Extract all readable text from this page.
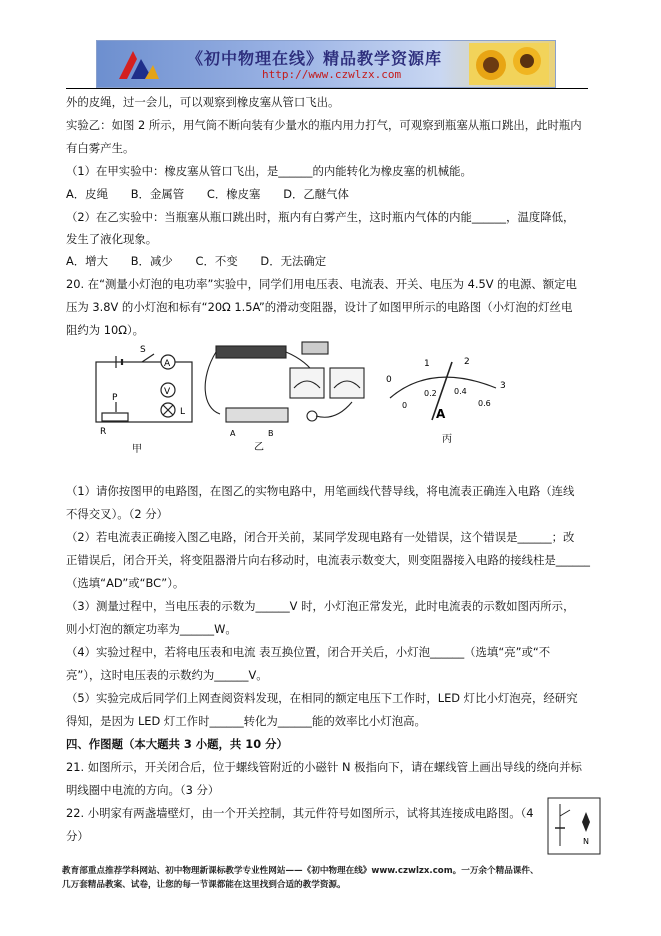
《初中物理在线》精品教学资源库
http://www.czwlzx.com
外的皮绳，过一会儿，可以观察到橡皮塞从管口飞出。
实验乙：如图 2 所示，用气筒不断向装有少量水的瓶内用力打气，可观察到瓶塞从瓶口跳出，此时瓶内
有白雾产生。
（1）在甲实验中：橡皮塞从管口飞出，是______的内能转化为橡皮塞的机械能。
A．皮绳　　B．金属管　　C．橡皮塞　　D．乙醚气体
（2）在乙实验中：当瓶塞从瓶口跳出时，瓶内有白雾产生，这时瓶内气体的内能______，温度降低，
发生了液化现象。
A．增大　　B．减少　　C．不变　　D．无法确定
20. 在“测量小灯泡的电功率”实验中，同学们用电压表、电流表、开关、电压为 4.5V 的电源、额定电
压为 3.8V 的小灯泡和标有“20Ω 1.5A”的滑动变阻器，设计了如图甲所示的电路图（小灯泡的灯丝电
阻约为 10Ω）。
S
A
V
L
P
R
甲
A	B
乙
0
1	2
3
0
0.2 0.4
0.6
A
丙
（1）请你按图甲的电路图，在图乙的实物电路中，用笔画线代替导线，将电流表正确连入电路（连线
不得交叉）。（2 分）
（2）若电流表正确接入图乙电路，闭合开关前，某同学发现电路有一处错误，这个错误是______；改
正错误后，闭合开关，将变阻器滑片向右移动时，电流表示数变大，则变阻器接入电路的接线柱是______
（选填“AD”或“BC”）。
（3）测量过程中，当电压表的示数为______V 时，小灯泡正常发光，此时电流表的示数如图丙所示，
则小灯泡的额定功率为______W。
（4）实验过程中，若将电压表和电流 表互换位置，闭合开关后，小灯泡______（选填“亮”或“不
亮”），这时电压表的示数约为______V。
（5）实验完成后同学们上网查阅资料发现，在相同的额定电压下工作时，LED 灯比小灯泡亮，经研究
得知，是因为 LED 灯工作时______转化为______能的效率比小灯泡高。
四、作图题（本大题共 3 小题，共 10 分）
21. 如图所示，开关闭合后，位于螺线管附近的小磁针 N 极指向下，请在螺线管上画出导线的绕向并标
明线圈中电流的方向。（3 分）
22. 小明家有两盏墙壁灯，由一个开关控制，其元件符号如图所示，试将其连接成电路图。（4
分）	N
教育部重点推荐学科网站、初中物理新课标教学专业性网站——《初中物理在线》www.czwlzx.com。一万余个精品课件、
几万套精品教案、试卷，让您的每一节课都能在这里找到合适的教学资源。
